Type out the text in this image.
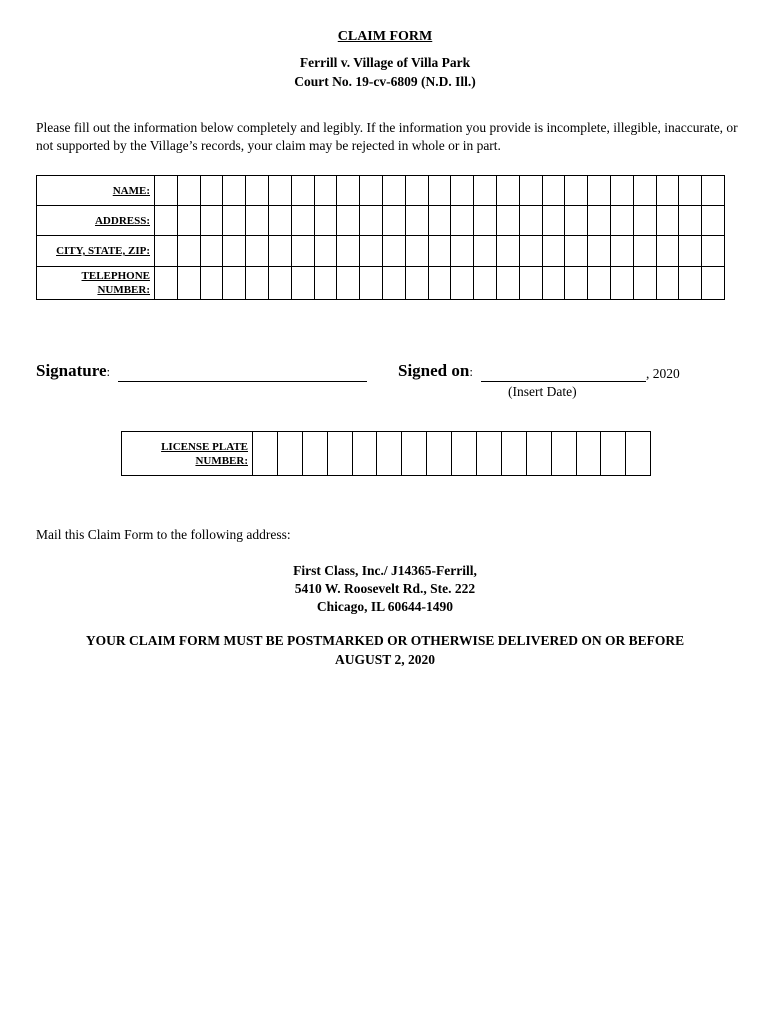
CLAIM FORM
Ferrill v. Village of Villa Park
Court No. 19-cv-6809 (N.D. Ill.)
Please fill out the information below completely and legibly. If the information you provide is incomplete, illegible, inaccurate, or not supported by the Village’s records, your claim may be rejected in whole or in part.
NAME:																									
ADDRESS:																									
CITY, STATE, ZIP:																									
TELEPHONE
NUMBER:																									
Signature:	Signed on:	, 2020
(Insert Date)
LICENSE PLATE
NUMBER:																
Mail this Claim Form to the following address:
First Class, Inc./ J14365-Ferrill,
5410 W. Roosevelt Rd., Ste. 222
Chicago, IL 60644-1490
YOUR CLAIM FORM MUST BE POSTMARKED OR OTHERWISE DELIVERED ON OR BEFORE
AUGUST 2, 2020
